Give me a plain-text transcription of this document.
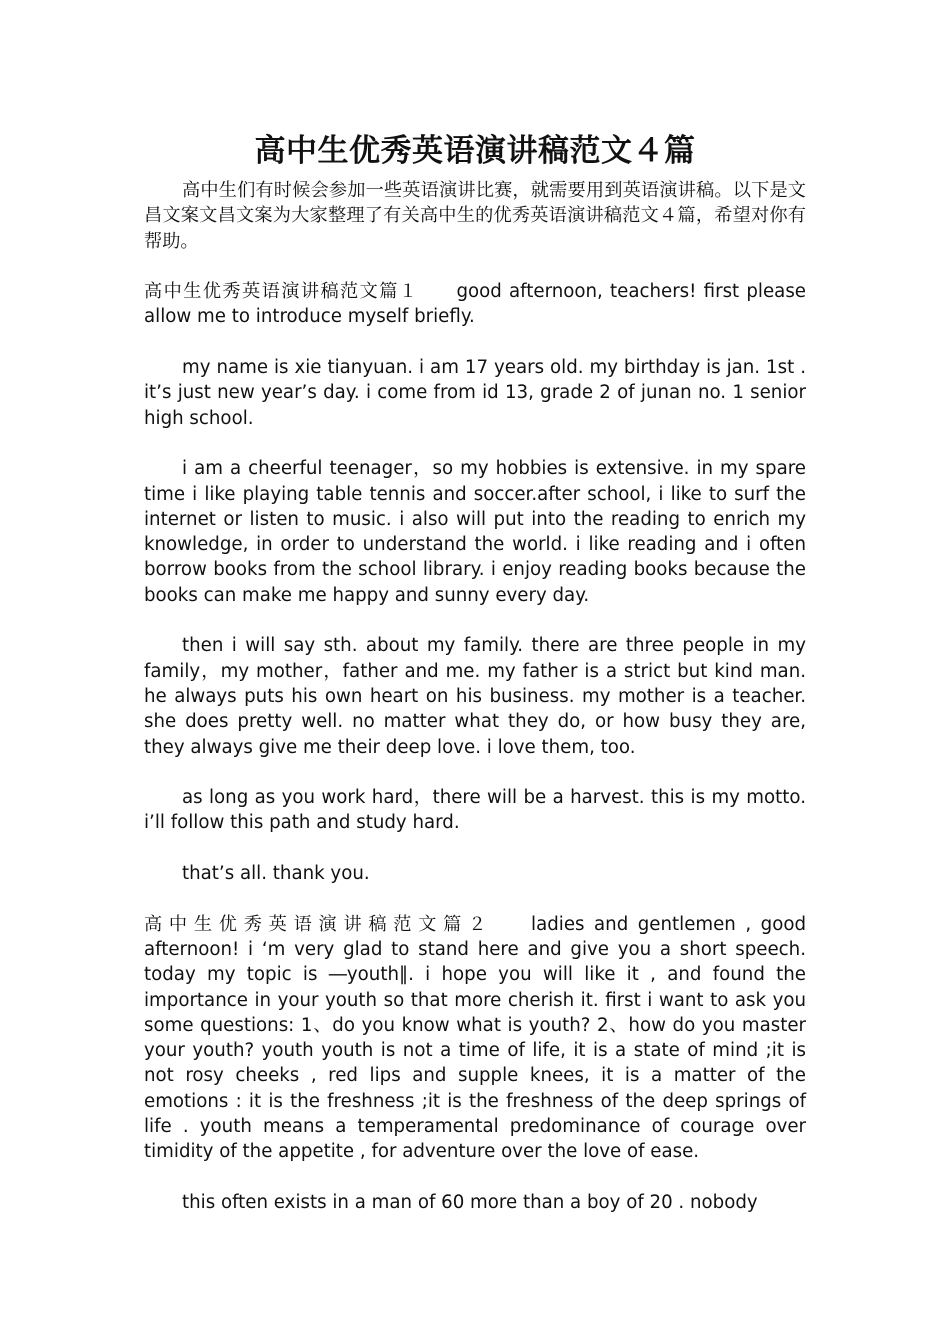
高中生优秀英语演讲稿范文４篇

高中生们有时候会参加一些英语演讲比赛，就需要用到英语演讲稿。以下是文昌文案文昌文案为大家整理了有关高中生的优秀英语演讲稿范文４篇，希望对你有帮助。

高中生优秀英语演讲稿范文篇１ good afternoon, teachers! first please allow me to introduce myself briefly.

my name is xie tianyuan. i am 17 years old. my birthday is jan. 1st . it’s just new year’s day. i come from id 13, grade 2 of junan no. 1 senior high school.

i am a cheerful teenager，so my hobbies is extensive. in my spare time i like playing table tennis and soccer.after school, i like to surf the internet or listen to music. i also will put into the reading to enrich my knowledge, in order to understand the world. i like reading and i often borrow books from the school library. i enjoy reading books because the books can make me happy and sunny every day.

then i will say sth. about my family. there are three people in my family，my mother，father and me. my father is a strict but kind man. he always puts his own heart on his business. my mother is a teacher. she does pretty well. no matter what they do, or how busy they are, they always give me their deep love. i love them, too.

as long as you work hard，there will be a harvest. this is my motto. i’ll follow this path and study hard.

that’s all. thank you.

高中生优秀英语演讲稿范文篇２ ladies and gentlemen , good afternoon! i ‘m very glad to stand here and give you a short speech. today my topic is ―youth‖. i hope you will like it , and found the importance in your youth so that more cherish it. first i want to ask you some questions: 1、do you know what is youth? 2、how do you master your youth? youth youth is not a time of life, it is a state of mind ;it is not rosy cheeks , red lips and supple knees, it is a matter of the emotions : it is the freshness ;it is the freshness of the deep springs of life . youth means a temperamental predominance of courage over timidity of the appetite , for adventure over the love of ease.

this often exists in a man of 60 more than a boy of 20 . nobody
